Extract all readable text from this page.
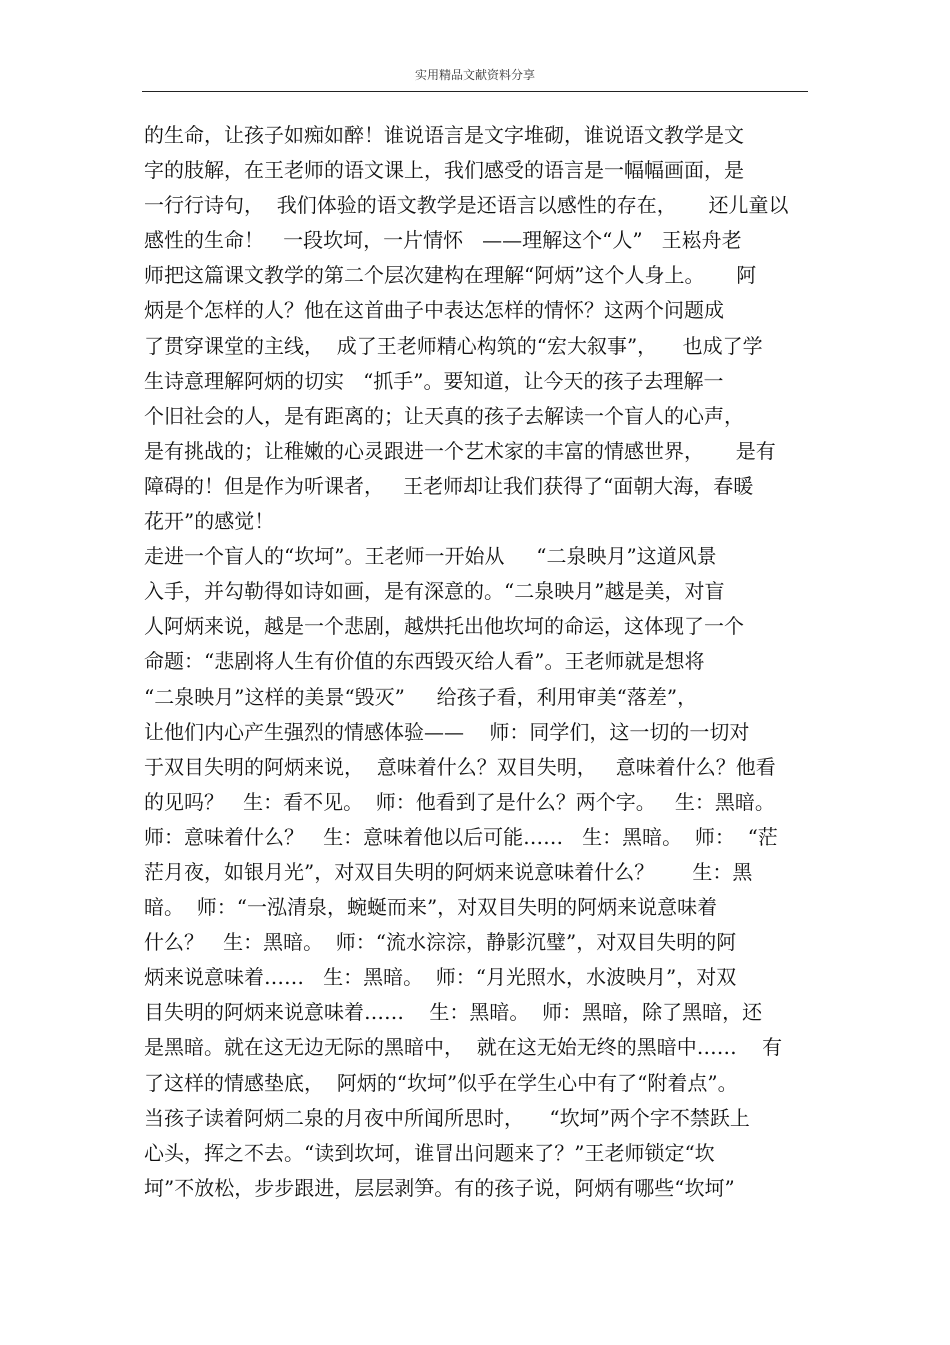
实用精品文献资料分享
的生命，让孩子如痴如醉！谁说语言是文字堆砌，谁说语文教学是文
字的肢解，在王老师的语文课上，我们感受的语言是一幅幅画面，是
一行行诗句，  我们体验的语文教学是还语言以感性的存在，     还儿童以
感性的生命！   一段坎坷，一片情怀   ——理解这个“人”   王崧舟老
师把这篇课文教学的第二个层次建构在理解“阿炳”这个人身上。     阿
炳是个怎样的人？他在这首曲子中表达怎样的情怀？这两个问题成
了贯穿课堂的主线，  成了王老师精心构筑的“宏大叙事”，    也成了学
生诗意理解阿炳的切实   “抓手”。要知道，让今天的孩子去理解一
个旧社会的人，是有距离的；让天真的孩子去解读一个盲人的心声，
是有挑战的；让稚嫩的心灵跟进一个艺术家的丰富的情感世界，     是有
障碍的！但是作为听课者，   王老师却让我们获得了“面朝大海，春暖
花开”的感觉！
走进一个盲人的“坎坷”。王老师一开始从     “二泉映月”这道风景
入手，并勾勒得如诗如画，是有深意的。“二泉映月”越是美，对盲
人阿炳来说，越是一个悲剧，越烘托出他坎坷的命运，这体现了一个
命题：“悲剧将人生有价值的东西毁灭给人看”。王老师就是想将
“二泉映月”这样的美景“毁灭”     给孩子看，利用审美“落差”，
让他们内心产生强烈的情感体验——    师：同学们，这一切的一切对
于双目失明的阿炳来说，  意味着什么？双目失明，   意味着什么？他看
的见吗？   生：看不见。  师：他看到了是什么？两个字。   生：黑暗。
师：意味着什么？   生：意味着他以后可能……   生：黑暗。  师：  “茫
茫月夜，如银月光”，对双目失明的阿炳来说意味着什么？      生：黑
暗。  师：“一泓清泉，蜿蜒而来”，对双目失明的阿炳来说意味着
什么？   生：黑暗。  师：“流水淙淙，静影沉璧”，对双目失明的阿
炳来说意味着……   生：黑暗。  师：“月光照水，水波映月”，对双
目失明的阿炳来说意味着……    生：黑暗。  师：黑暗，除了黑暗，还
是黑暗。就在这无边无际的黑暗中，  就在这无始无终的黑暗中……    有
了这样的情感垫底，  阿炳的“坎坷”似乎在学生心中有了“附着点”。
当孩子读着阿炳二泉的月夜中所闻所思时，    “坎坷”两个字不禁跃上
心头，挥之不去。“读到坎坷，谁冒出问题来了？”王老师锁定“坎
坷”不放松，步步跟进，层层剥笋。有的孩子说，阿炳有哪些“坎坷”
